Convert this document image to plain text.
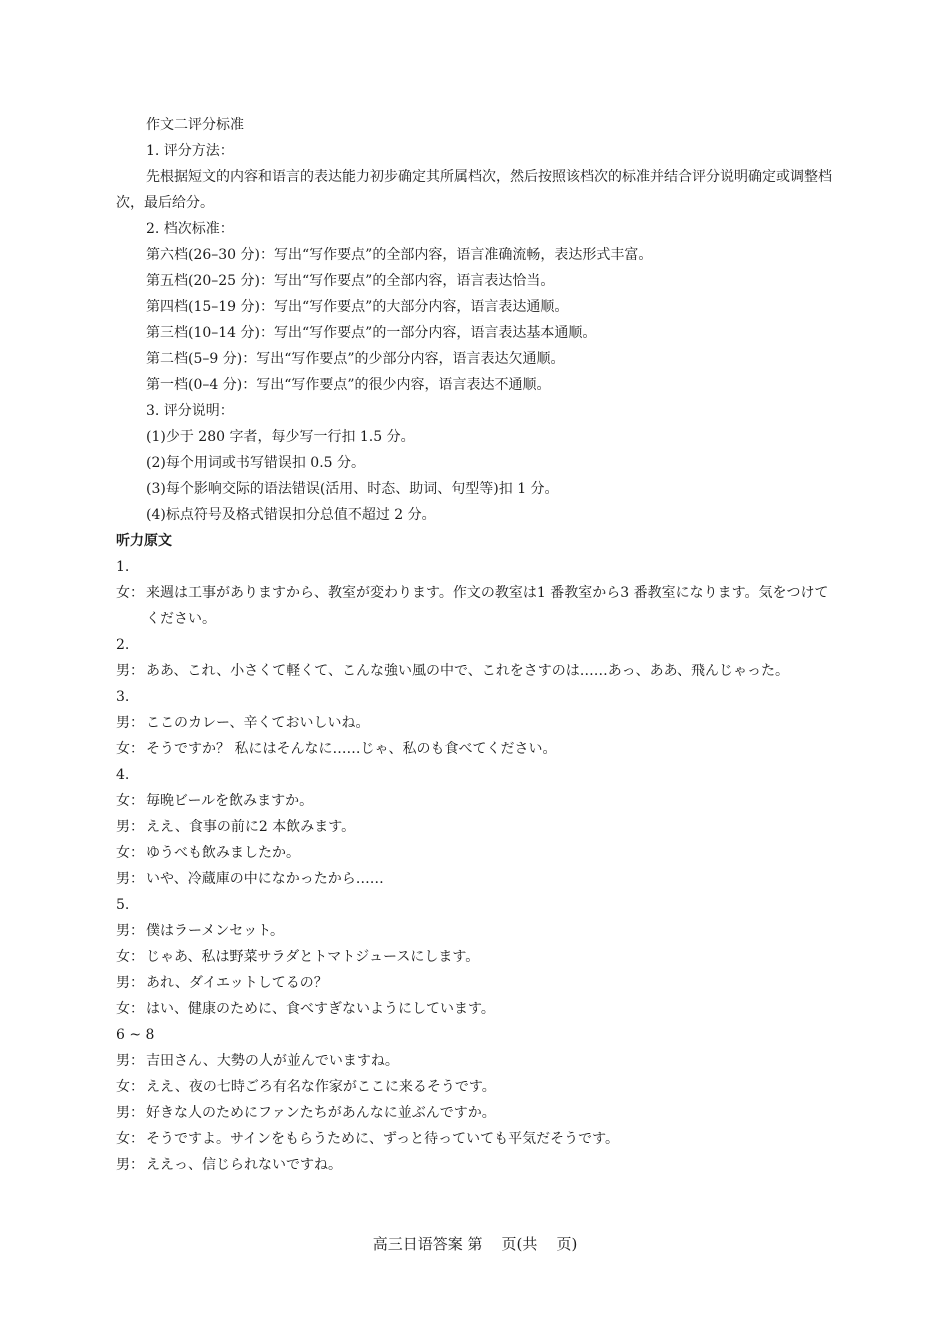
作文二评分标准
1. 评分方法：
先根据短文的内容和语言的表达能力初步确定其所属档次，然后按照该档次的标准并结合评分说明确定或调整档次，最后给分。
2. 档次标准：
第六档(26–30 分)：写出“写作要点”的全部内容，语言准确流畅，表达形式丰富。
第五档(20–25 分)：写出“写作要点”的全部内容，语言表达恰当。
第四档(15–19 分)：写出“写作要点”的大部分内容，语言表达通顺。
第三档(10–14 分)：写出“写作要点”的一部分内容，语言表达基本通顺。
第二档(5–9 分)：写出“写作要点”的少部分内容，语言表达欠通顺。
第一档(0–4 分)：写出“写作要点”的很少内容，语言表达不通顺。
3. 评分说明：
(1)少于 280 字者，每少写一行扣 1.5 分。
(2)每个用词或书写错误扣 0.5 分。
(3)每个影响交际的语法错误(活用、时态、助词、句型等)扣 1 分。
(4)标点符号及格式错误扣分总值不超过 2 分。
听力原文
1.
女： 来週は工事がありますから、教室が変わります。作文の教室は1 番教室から3 番教室になります。気をつけてください。
2.
男： ああ、これ、小さくて軽くて、こんな強い風の中で、これをさすのは……あっ、ああ、飛んじゃった。
3.
男： ここのカレー、辛くておいしいね。
女： そうですか？ 私にはそんなに……じゃ、私のも食べてください。
4.
女： 毎晩ビールを飲みますか。
男： ええ、食事の前に2 本飲みます。
女： ゆうべも飲みましたか。
男： いや、冷蔵庫の中になかったから……
5.
男： 僕はラーメンセット。
女： じゃあ、私は野菜サラダとトマトジュースにします。
男： あれ、ダイエットしてるの？
女： はい、健康のために、食べすぎないようにしています。
6 ~ 8
男： 吉田さん、大勢の人が並んでいますね。
女： ええ、夜の七時ごろ有名な作家がここに来るそうです。
男： 好きな人のためにファンたちがあんなに並ぶんですか。
女： そうですよ。サインをもらうために、ずっと待っていても平気だそうです。
男： ええっ、信じられないですね。
高三日语答案 第    页(共    页)
